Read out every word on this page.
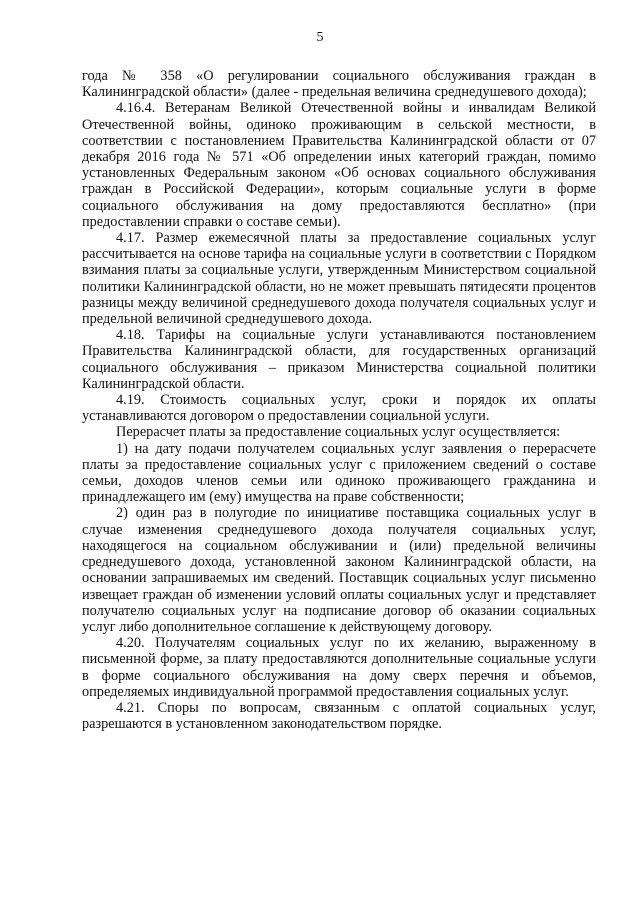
5

года № 358 «О регулировании социального обслуживания граждан в Калининградской области» (далее - предельная величина среднедушевого дохода);

4.16.4. Ветеранам Великой Отечественной войны и инвалидам Великой Отечественной войны, одиноко проживающим в сельской местности, в соответствии с постановлением Правительства Калининградской области от 07 декабря 2016 года № 571 «Об определении иных категорий граждан, помимо установленных Федеральным законом «Об основах социального обслуживания граждан в Российской Федерации», которым социальные услуги в форме социального обслуживания на дому предоставляются бесплатно» (при предоставлении справки о составе семьи).

4.17. Размер ежемесячной платы за предоставление социальных услуг рассчитывается на основе тарифа на социальные услуги в соответствии с Порядком взимания платы за социальные услуги, утвержденным Министерством социальной политики Калининградской области, но не может превышать пятидесяти процентов разницы между величиной среднедушевого дохода получателя социальных услуг и предельной величиной среднедушевого дохода.

4.18. Тарифы на социальные услуги устанавливаются постановлением Правительства Калининградской области, для государственных организаций социального обслуживания – приказом Министерства социальной политики Калининградской области.

4.19. Стоимость социальных услуг, сроки и порядок их оплаты устанавливаются договором о предоставлении социальной услуги.

Перерасчет платы за предоставление социальных услуг осуществляется:

1) на дату подачи получателем социальных услуг заявления о перерасчете платы за предоставление социальных услуг с приложением сведений о составе семьи, доходов членов семьи или одиноко проживающего гражданина и принадлежащего им (ему) имущества на праве собственности;

2) один раз в полугодие по инициативе поставщика социальных услуг в случае изменения среднедушевого дохода получателя социальных услуг, находящегося на социальном обслуживании и (или) предельной величины среднедушевого дохода, установленной законом Калининградской области, на основании запрашиваемых им сведений. Поставщик социальных услуг письменно извещает граждан об изменении условий оплаты социальных услуг и представляет получателю социальных услуг на подписание договор об оказании социальных услуг либо дополнительное соглашение к действующему договору.

4.20. Получателям социальных услуг по их желанию, выраженному в письменной форме, за плату предоставляются дополнительные социальные услуги в форме социального обслуживания на дому сверх перечня и объемов, определяемых индивидуальной программой предоставления социальных услуг.

4.21. Споры по вопросам, связанным с оплатой социальных услуг, разрешаются в установленном законодательством порядке.
